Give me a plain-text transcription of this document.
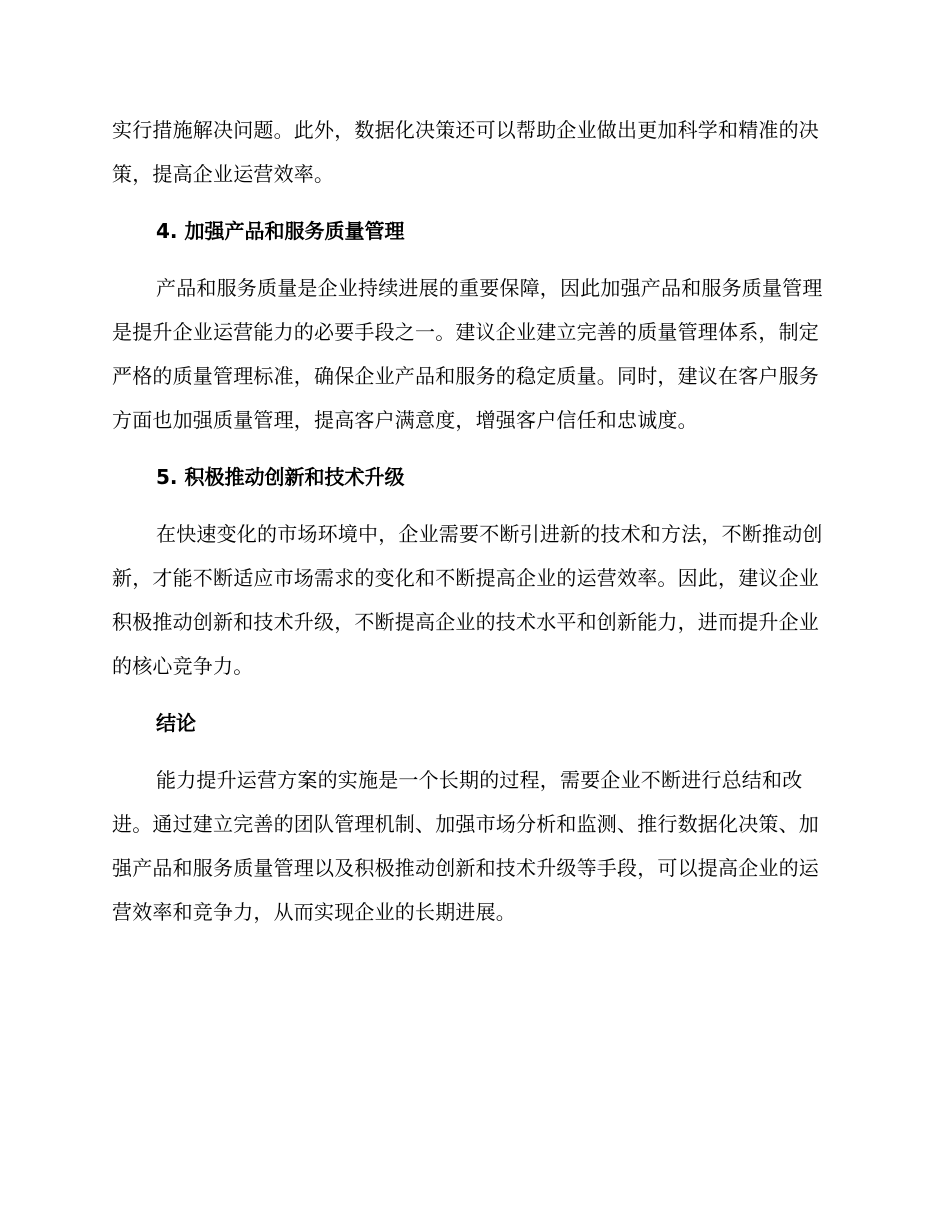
实行措施解决问题。此外，数据化决策还可以帮助企业做出更加科学和精准的决策，提高企业运营效率。

4. 加强产品和服务质量管理

产品和服务质量是企业持续进展的重要保障，因此加强产品和服务质量管理是提升企业运营能力的必要手段之一。建议企业建立完善的质量管理体系，制定严格的质量管理标准，确保企业产品和服务的稳定质量。同时，建议在客户服务方面也加强质量管理，提高客户满意度，增强客户信任和忠诚度。

5. 积极推动创新和技术升级

在快速变化的市场环境中，企业需要不断引进新的技术和方法，不断推动创新，才能不断适应市场需求的变化和不断提高企业的运营效率。因此，建议企业积极推动创新和技术升级，不断提高企业的技术水平和创新能力，进而提升企业的核心竞争力。

结论

能力提升运营方案的实施是一个长期的过程，需要企业不断进行总结和改进。通过建立完善的团队管理机制、加强市场分析和监测、推行数据化决策、加强产品和服务质量管理以及积极推动创新和技术升级等手段，可以提高企业的运营效率和竞争力，从而实现企业的长期进展。
